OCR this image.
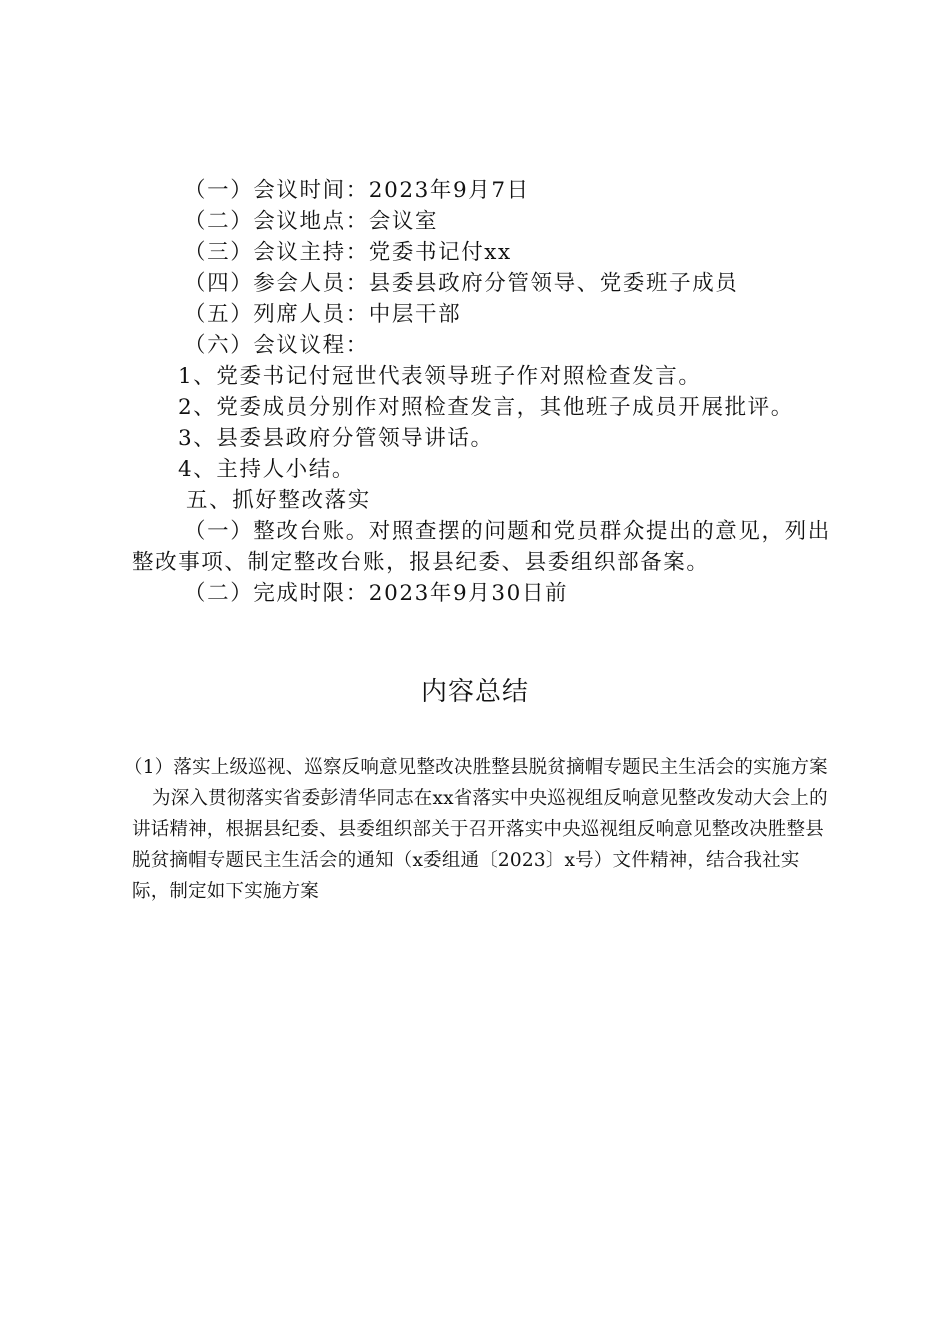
（一）会议时间：2023年9月7日

（二）会议地点：会议室

（三）会议主持：党委书记付xx

（四）参会人员：县委县政府分管领导、党委班子成员

（五）列席人员：中层干部

（六）会议议程：

1、党委书记付冠世代表领导班子作对照检查发言。

2、党委成员分别作对照检查发言，其他班子成员开展批评。

3、县委县政府分管领导讲话。

4、主持人小结。

五、抓好整改落实

（一）整改台账。对照查摆的问题和党员群众提出的意见，列出整改事项、制定整改台账，报县纪委、县委组织部备案。

（二）完成时限：2023年9月30日前

内容总结

（1）落实上级巡视、巡察反响意见整改决胜整县脱贫摘帽专题民主生活会的实施方案

为深入贯彻落实省委彭清华同志在xx省落实中央巡视组反响意见整改发动大会上的讲话精神，根据县纪委、县委组织部关于召开落实中央巡视组反响意见整改决胜整县脱贫摘帽专题民主生活会的通知（x委组通〔2023〕x号）文件精神，结合我社实际，制定如下实施方案
